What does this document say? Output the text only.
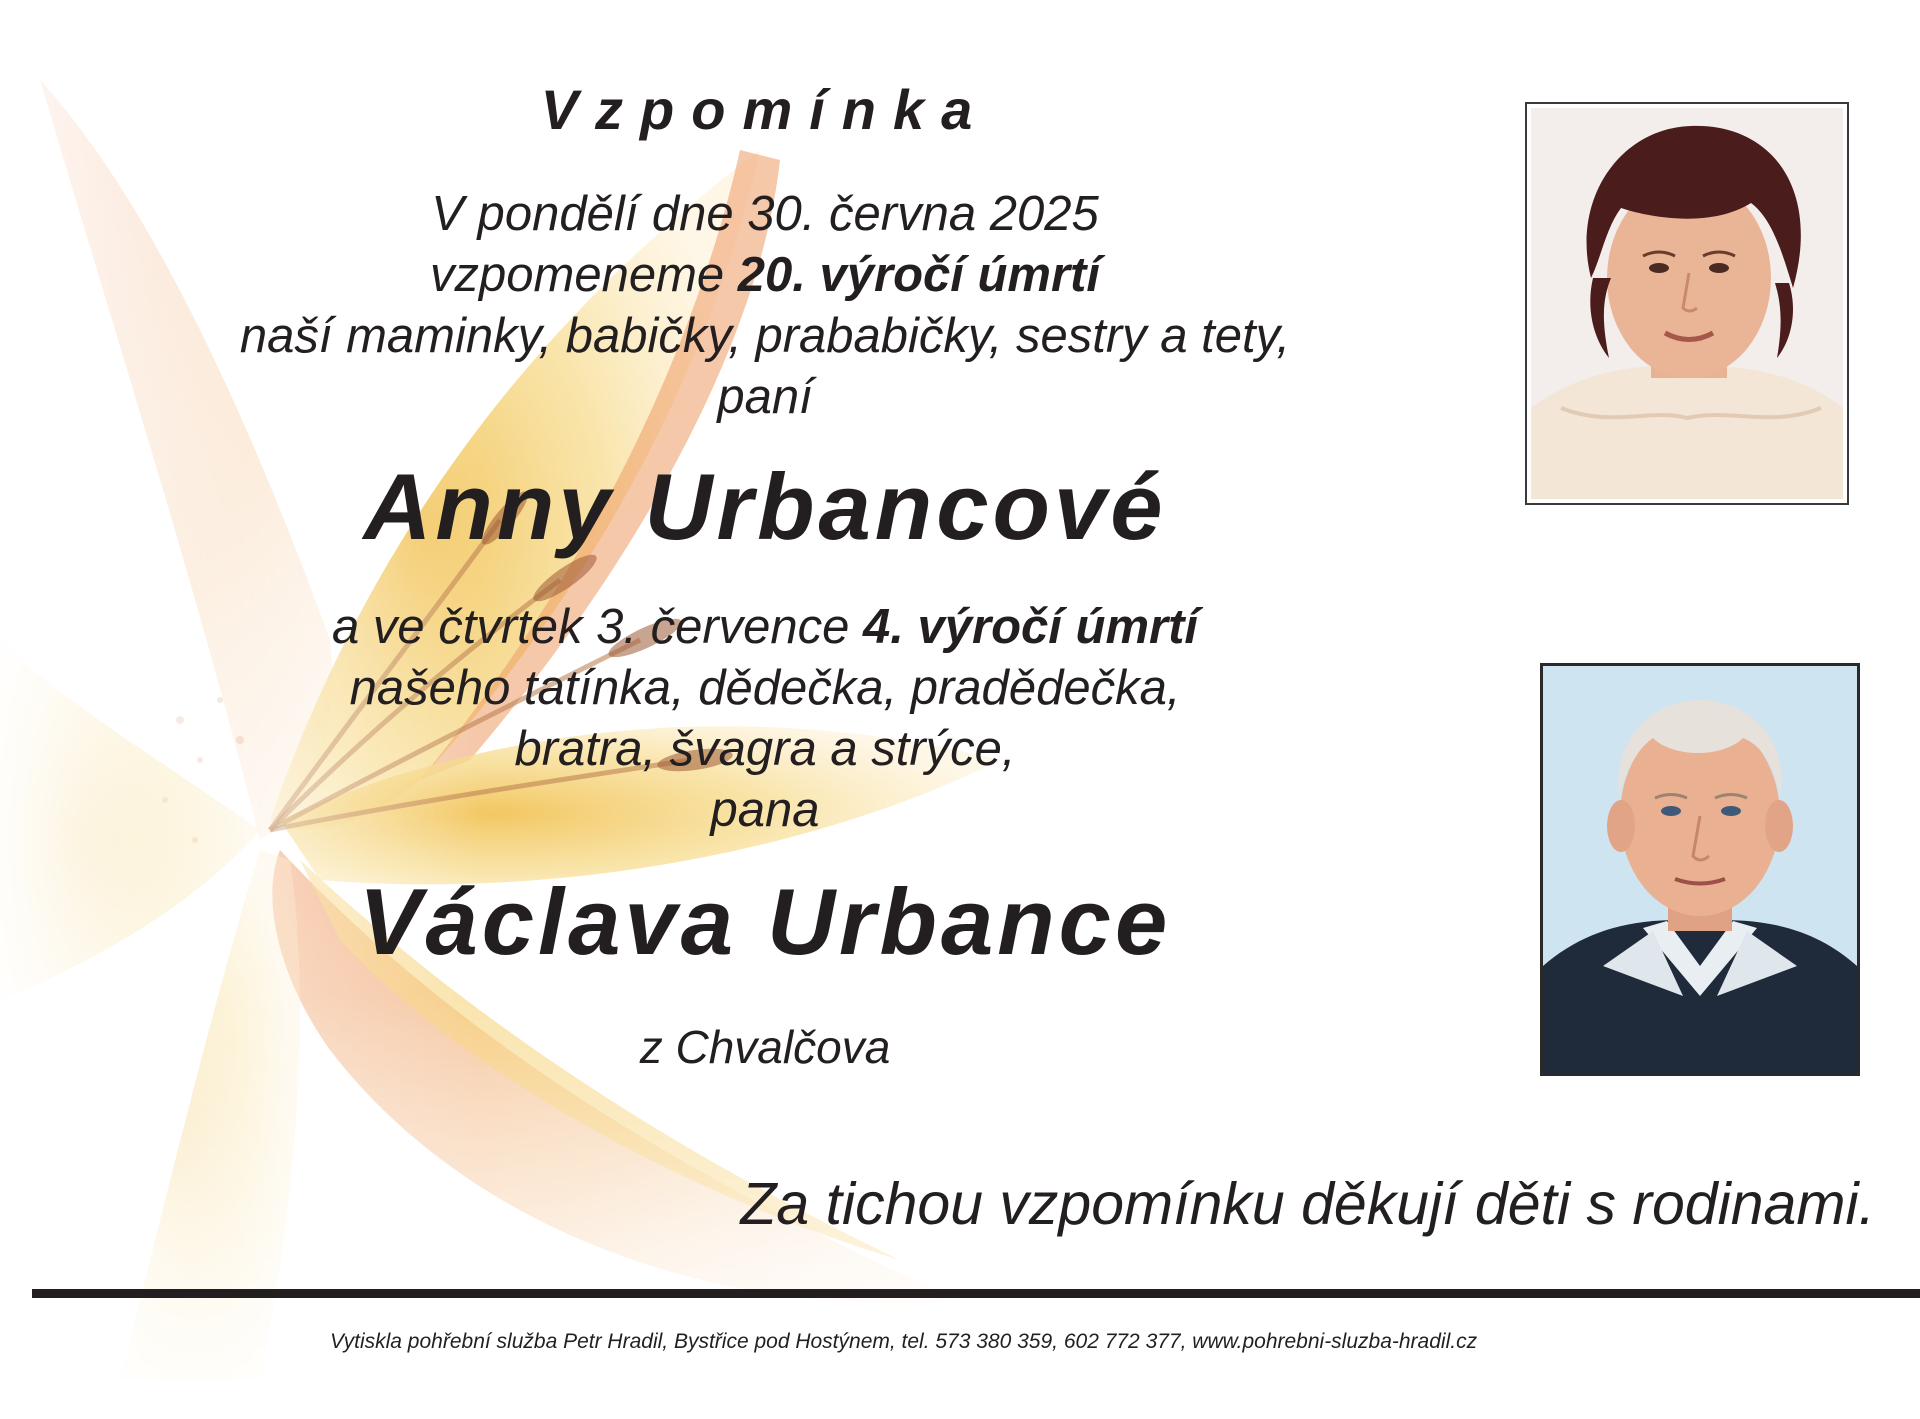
Vzpomínka
V pondělí dne 30. června 2025
vzpomeneme 20. výročí úmrtí
naší maminky, babičky, prababičky, sestry a tety,
paní
Anny Urbancové
a ve čtvrtek 3. července 4. výročí úmrtí
našeho tatínka, dědečka, pradědečka,
bratra, švagra a strýce,
pana
Václava Urbance
z Chvalčova
Za tichou vzpomínku děkují děti s rodinami.
Vytiskla pohřební služba Petr Hradil, Bystřice pod Hostýnem, tel. 573 380 359, 602 772 377, www.pohrebni-sluzba-hradil.cz
